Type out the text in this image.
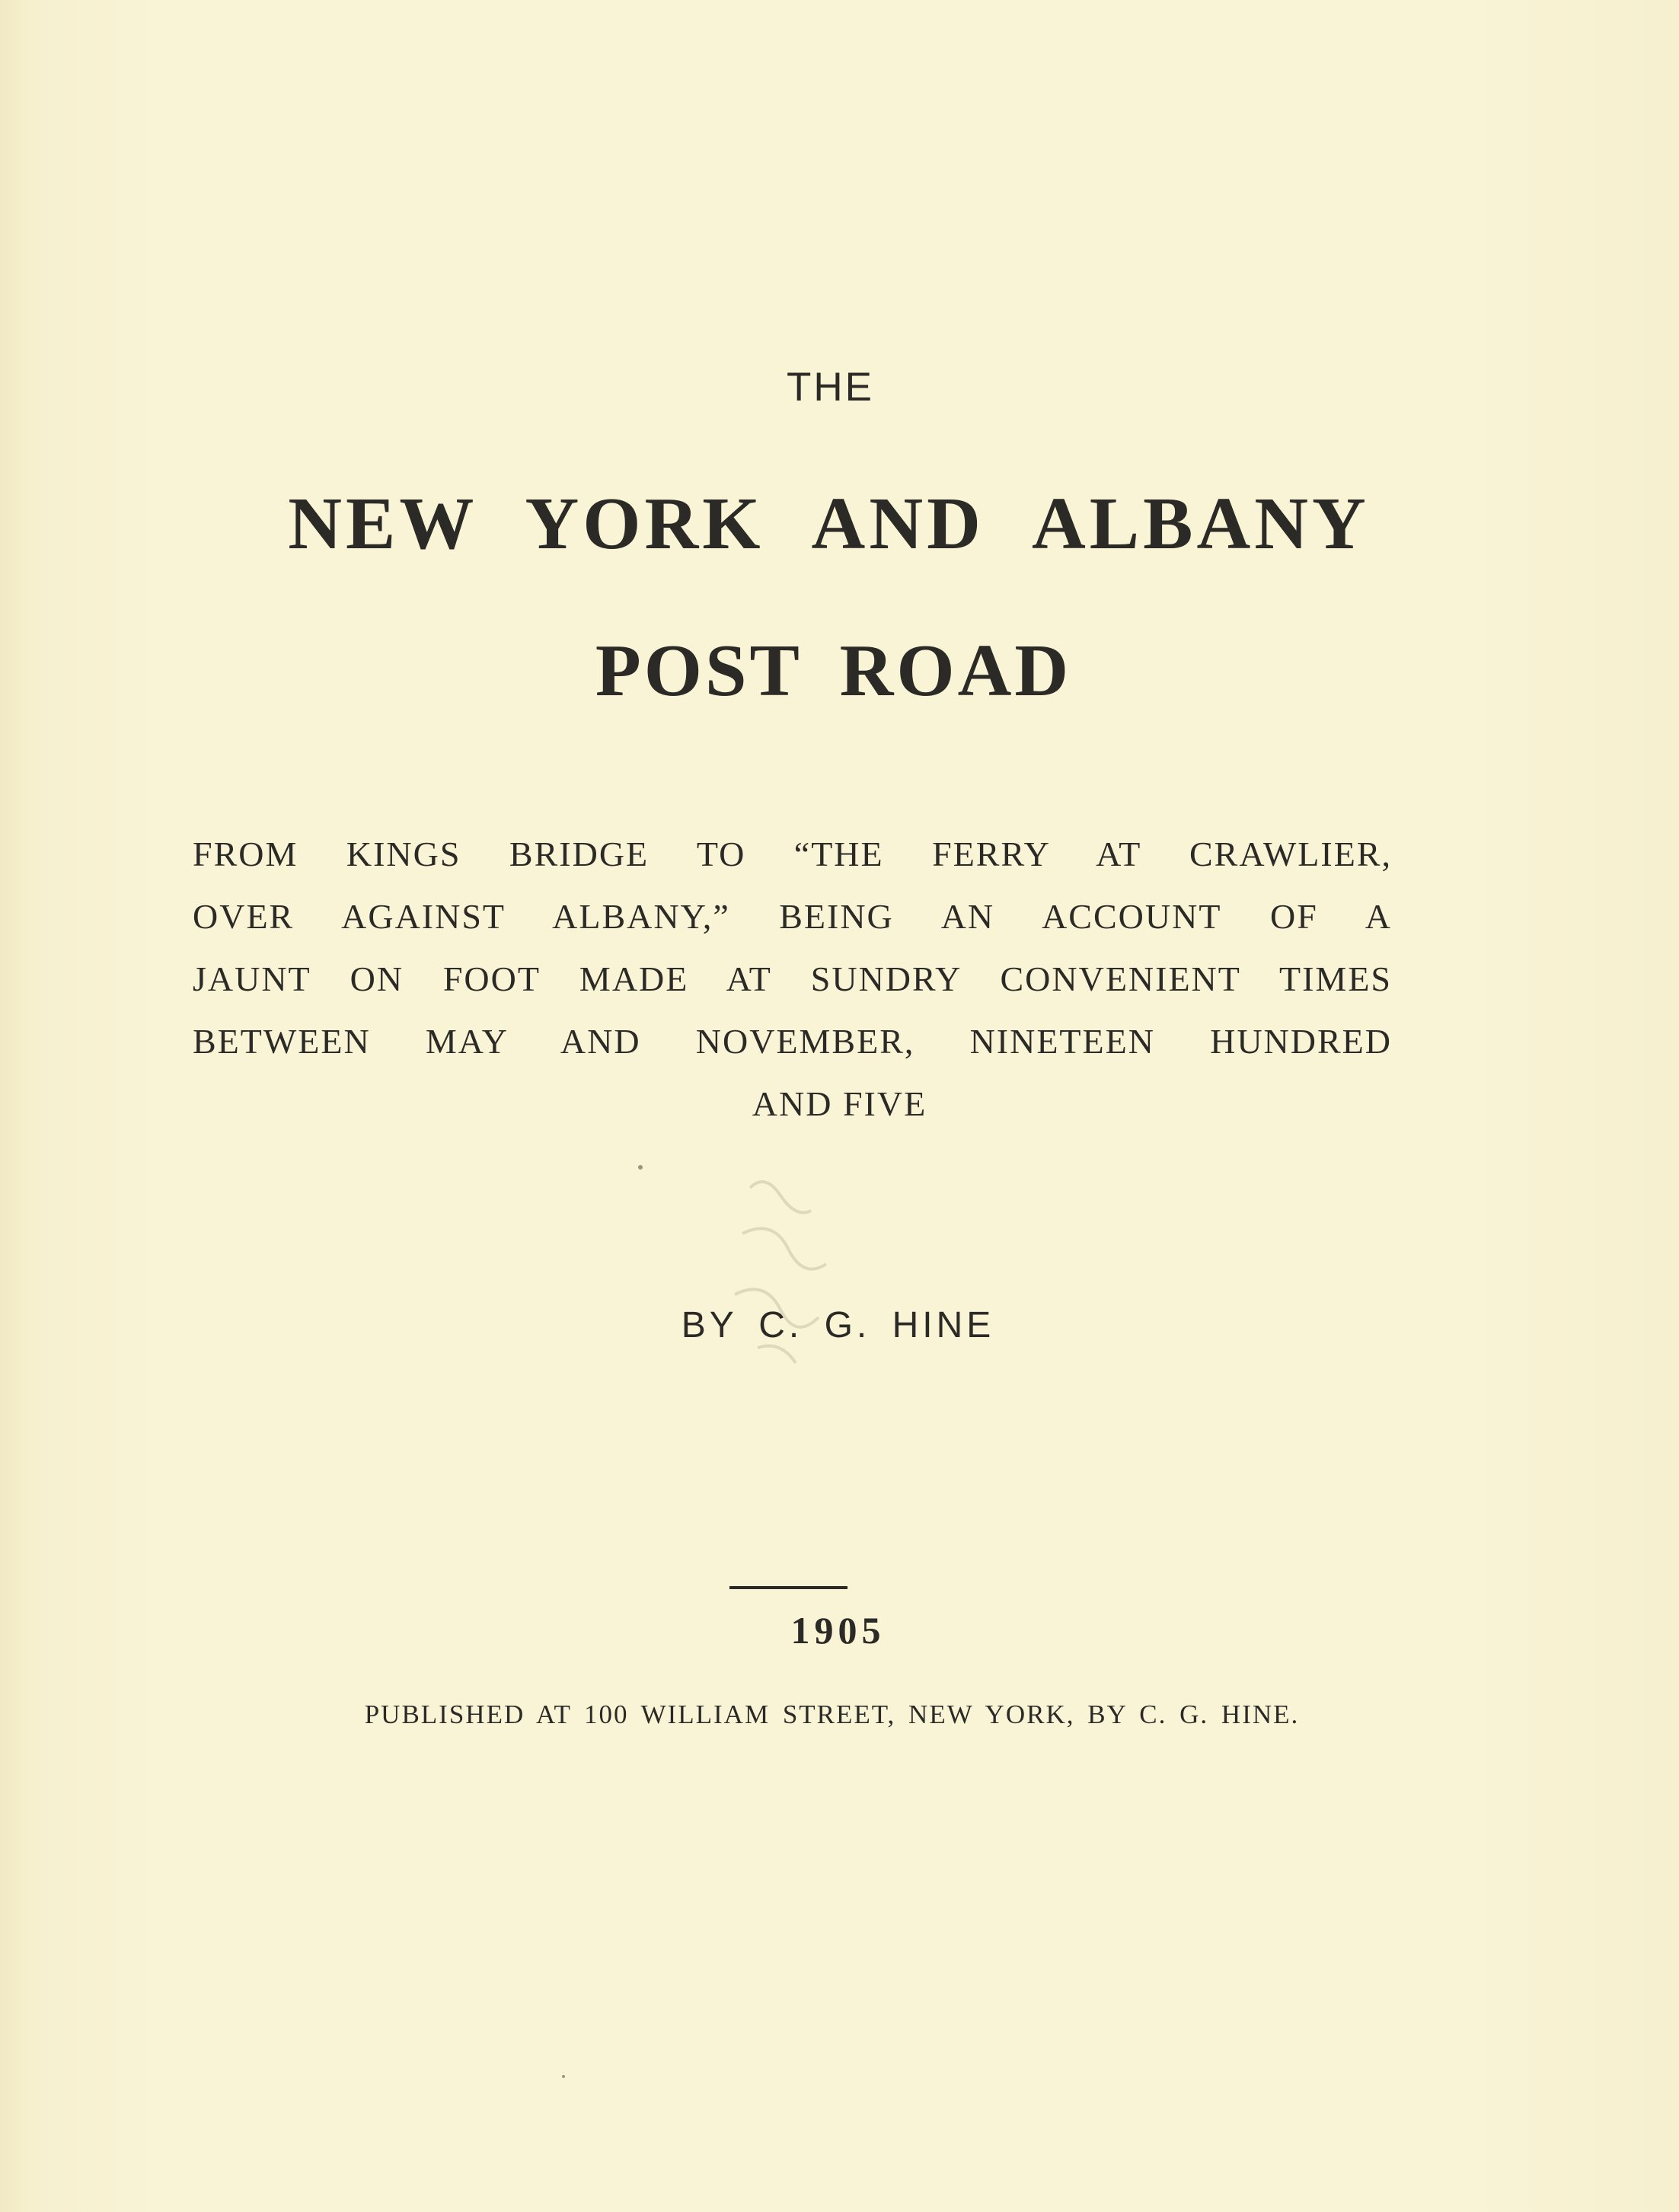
THE

NEW YORK AND ALBANY
POST ROAD
FROM KINGS BRIDGE TO “THE FERRY AT CRAWLIER,
OVER AGAINST ALBANY,” BEING AN ACCOUNT OF A
JAUNT ON FOOT MADE AT SUNDRY CONVENIENT TIMES
BETWEEN MAY AND NOVEMBER, NINETEEN HUNDRED
AND FIVE

BY C. G. HINE

1905

PUBLISHED AT 100 WILLIAM STREET, NEW YORK, BY C. G. HINE.
